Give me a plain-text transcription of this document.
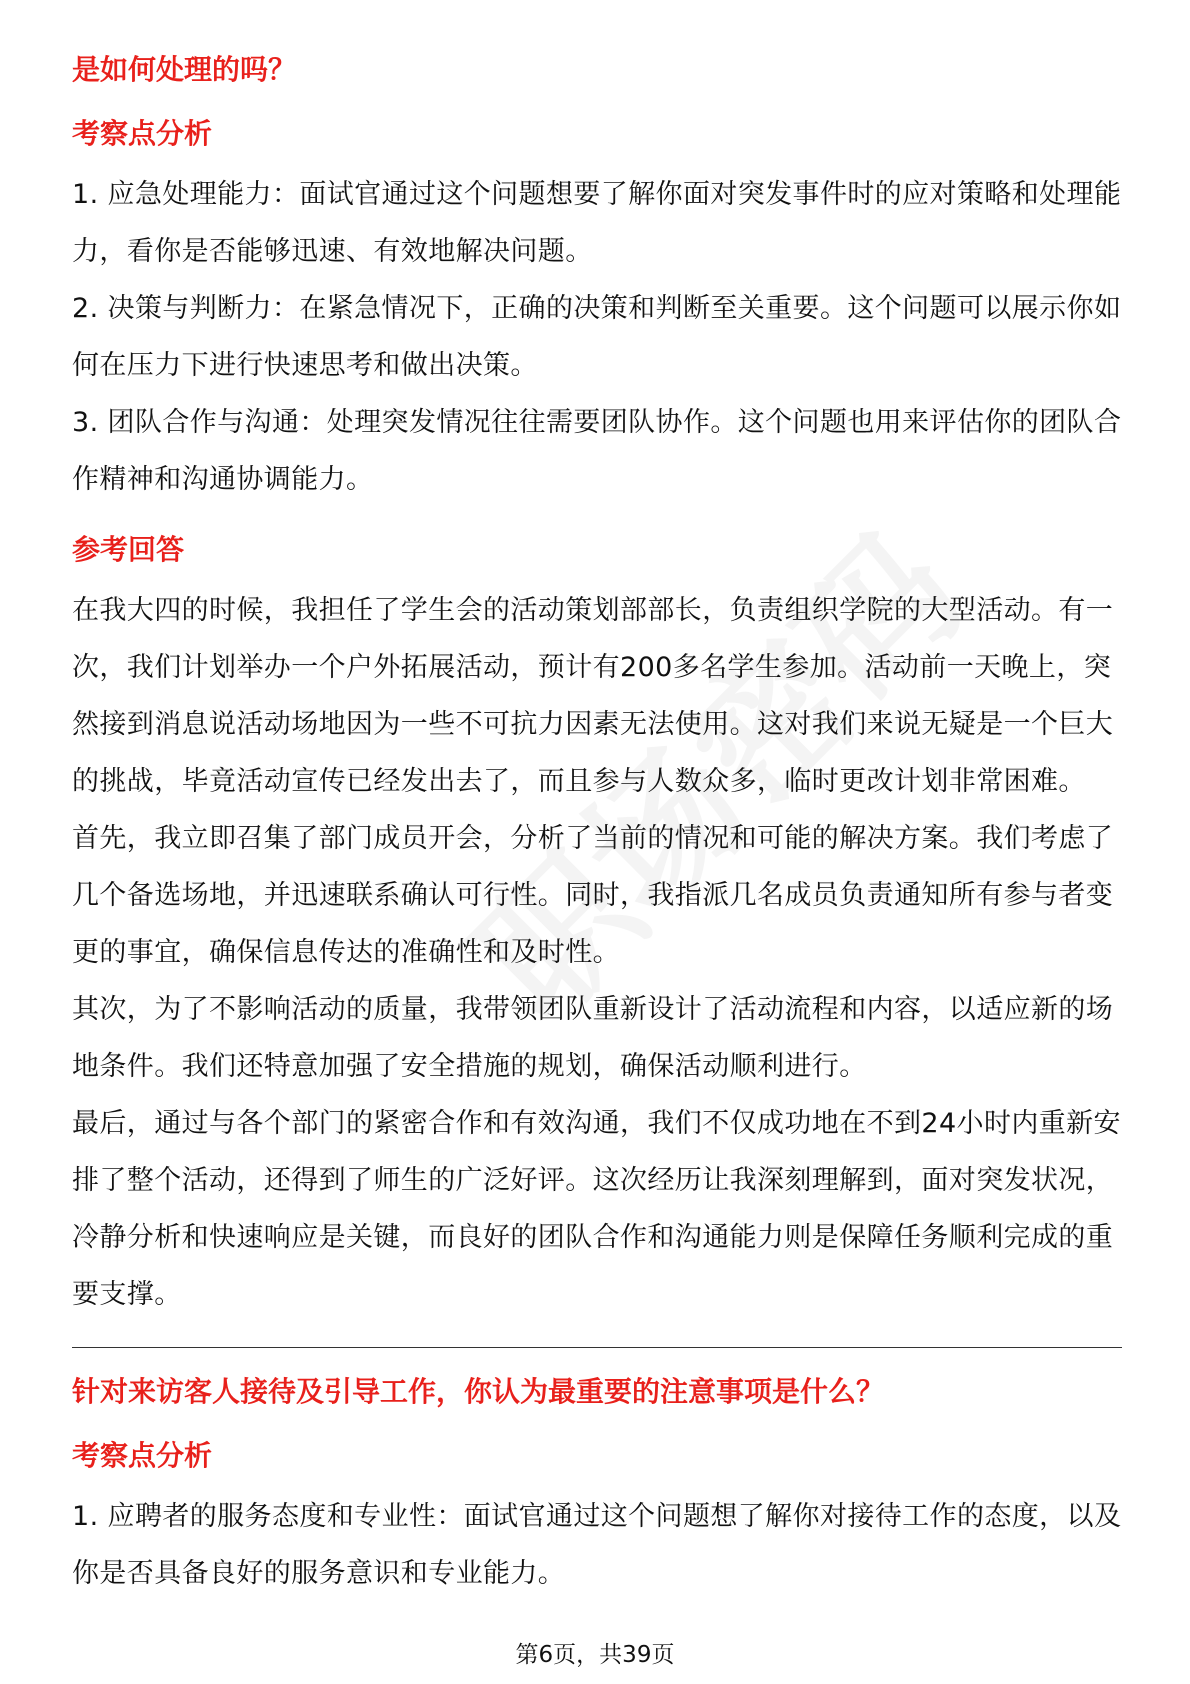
是如何处理的吗？

考察点分析

1. 应急处理能力：面试官通过这个问题想要了解你面对突发事件时的应对策略和处理能力，看你是否能够迅速、有效地解决问题。

2. 决策与判断力：在紧急情况下，正确的决策和判断至关重要。这个问题可以展示你如何在压力下进行快速思考和做出决策。

3. 团队合作与沟通：处理突发情况往往需要团队协作。这个问题也用来评估你的团队合作精神和沟通协调能力。

参考回答

在我大四的时候，我担任了学生会的活动策划部部长，负责组织学院的大型活动。有一次，我们计划举办一个户外拓展活动，预计有200多名学生参加。活动前一天晚上，突然接到消息说活动场地因为一些不可抗力因素无法使用。这对我们来说无疑是一个巨大的挑战，毕竟活动宣传已经发出去了，而且参与人数众多，临时更改计划非常困难。

首先，我立即召集了部门成员开会，分析了当前的情况和可能的解决方案。我们考虑了几个备选场地，并迅速联系确认可行性。同时，我指派几名成员负责通知所有参与者变更的事宜，确保信息传达的准确性和及时性。

其次，为了不影响活动的质量，我带领团队重新设计了活动流程和内容，以适应新的场地条件。我们还特意加强了安全措施的规划，确保活动顺利进行。

最后，通过与各个部门的紧密合作和有效沟通，我们不仅成功地在不到24小时内重新安排了整个活动，还得到了师生的广泛好评。这次经历让我深刻理解到，面对突发状况，冷静分析和快速响应是关键，而良好的团队合作和沟通能力则是保障任务顺利完成的重要支撑。

针对来访客人接待及引导工作，你认为最重要的注意事项是什么？

考察点分析

1. 应聘者的服务态度和专业性：面试官通过这个问题想了解你对接待工作的态度，以及你是否具备良好的服务意识和专业能力。

第6页，共39页
